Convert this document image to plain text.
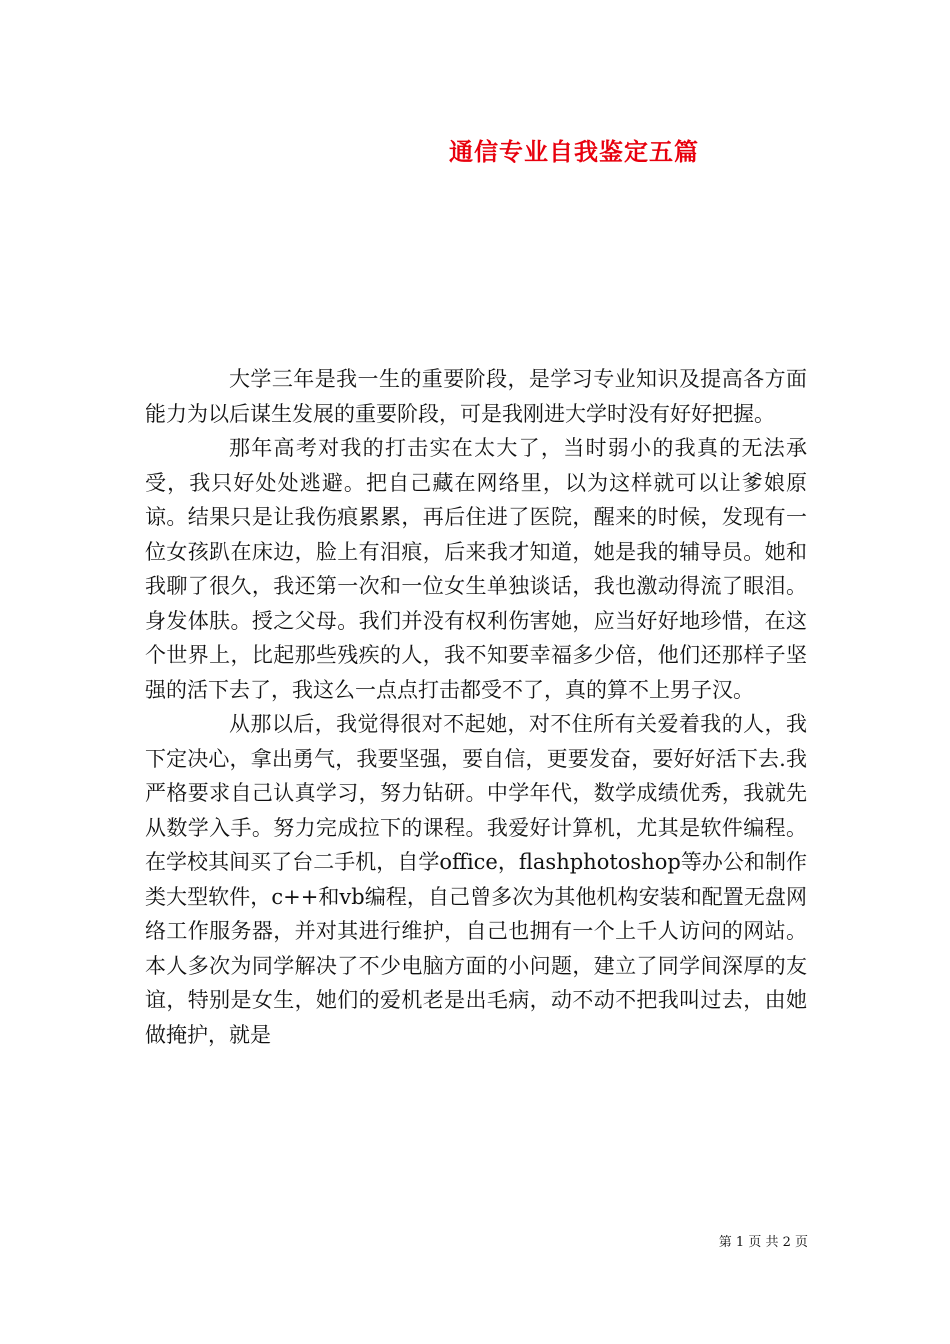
通信专业自我鉴定五篇

大学三年是我一生的重要阶段，是学习专业知识及提高各方面能力为以后谋生发展的重要阶段，可是我刚进大学时没有好好把握。

那年高考对我的打击实在太大了，当时弱小的我真的无法承受，我只好处处逃避。把自己藏在网络里，以为这样就可以让爹娘原谅。结果只是让我伤痕累累，再后住进了医院，醒来的时候，发现有一位女孩趴在床边，脸上有泪痕，后来我才知道，她是我的辅导员。她和我聊了很久，我还第一次和一位女生单独谈话，我也激动得流了眼泪。身发体肤。授之父母。我们并没有权利伤害她，应当好好地珍惜，在这个世界上，比起那些残疾的人，我不知要幸福多少倍，他们还那样子坚强的活下去了，我这么一点点打击都受不了，真的算不上男子汉。

从那以后，我觉得很对不起她，对不住所有关爱着我的人，我下定决心，拿出勇气，我要坚强，要自信，更要发奋，要好好活下去.我严格要求自己认真学习，努力钻研。中学年代，数学成绩优秀，我就先从数学入手。努力完成拉下的课程。我爱好计算机，尤其是软件编程。在学校其间买了台二手机，自学office，flashphotoshop等办公和制作类大型软件，c++和vb编程，自己曾多次为其他机构安装和配置无盘网络工作服务器，并对其进行维护，自己也拥有一个上千人访问的网站。本人多次为同学解决了不少电脑方面的小问题，建立了同学间深厚的友谊，特别是女生，她们的爱机老是出毛病，动不动不把我叫过去，由她做掩护，就是

第 1 页 共 2 页
